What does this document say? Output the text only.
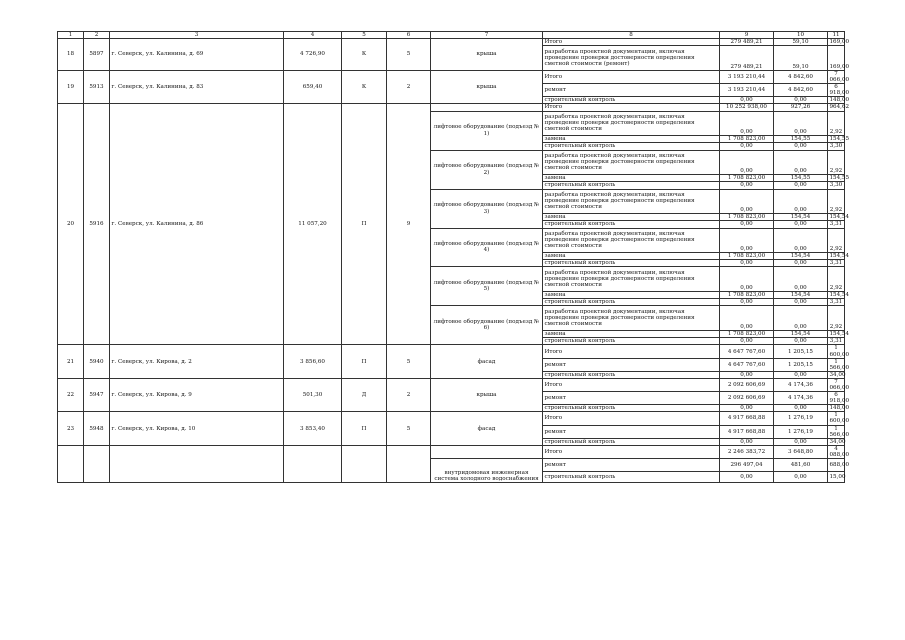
1	2	3	4	5	6	7	8	9	10	11
18	5897	г. Северск, ул. Калинина, д. 69	4 726,90	К	5	крыша	Итого	279 489,21	59,10	169,00
							разработка проектной документации, включая проведение проверки достоверности определения сметной стоимости (ремонт)	279 489,21	59,10	169,00
19	5913	г. Северск, ул. Калинина, д. 83	659,40	К	2	крыша	Итого	3 193 210,44	4 842,60	7 066,00
							ремонт	3 193 210,44	4 842,60	6 918,00
							строительный контроль	0,00	0,00	148,00
20	5916	г. Северск, ул. Калинина, д. 86	11 057,20	П	9		Итого	10 252 938,00	927,26	964,62
						лифтовое оборудование (подъезд № 1)	разработка проектной документации, включая проведение проверки достоверности определения сметной стоимости	0,00	0,00	2,92
							замена	1 708 823,00	154,55	154,55
							строительный контроль	0,00	0,00	3,30
						лифтовое оборудование (подъезд № 2)	разработка проектной документации, включая проведение проверки достоверности определения сметной стоимости	0,00	0,00	2,92
							замена	1 708 823,00	154,55	154,55
							строительный контроль	0,00	0,00	3,30
						лифтовое оборудование (подъезд № 3)	разработка проектной документации, включая проведение проверки достоверности определения сметной стоимости	0,00	0,00	2,92
							замена	1 708 823,00	154,54	154,54
							строительный контроль	0,00	0,00	3,31
						лифтовое оборудование (подъезд № 4)	разработка проектной документации, включая проведение проверки достоверности определения сметной стоимости	0,00	0,00	2,92
							замена	1 708 823,00	154,54	154,54
							строительный контроль	0,00	0,00	3,31
						лифтовое оборудование (подъезд № 5)	разработка проектной документации, включая проведение проверки достоверности определения сметной стоимости	0,00	0,00	2,92
							замена	1 708 823,00	154,54	154,54
							строительный контроль	0,00	0,00	3,31
						лифтовое оборудование (подъезд № 6)	разработка проектной документации, включая проведение проверки достоверности определения сметной стоимости	0,00	0,00	2,92
							замена	1 708 823,00	154,54	154,54
							строительный контроль	0,00	0,00	3,31
21	5940	г. Северск, ул. Кирова, д. 2	3 856,60	П	5	фасад	Итого	4 647 767,60	1 205,15	1 600,00
							ремонт	4 647 767,60	1 205,15	1 566,00
							строительный контроль	0,00	0,00	34,00
22	5947	г. Северск, ул. Кирова, д. 9	501,30	Д	2	крыша	Итого	2 092 606,69	4 174,36	7 066,00
							ремонт	2 092 606,69	4 174,36	6 918,00
							строительный контроль	0,00	0,00	148,00
23	5948	г. Северск, ул. Кирова, д. 10	3 853,40	П	5	фасад	Итого	4 917 668,88	1 276,19	1 600,00
							ремонт	4 917 668,88	1 276,19	1 566,00
							строительный контроль	0,00	0,00	34,00
							Итого	2 246 383,72	3 648,80	4 088,00
						внутридомовая инженерная система холодного водоснабжения	ремонт	296 497,04	481,60	688,00
							строительный контроль	0,00	0,00	15,00
